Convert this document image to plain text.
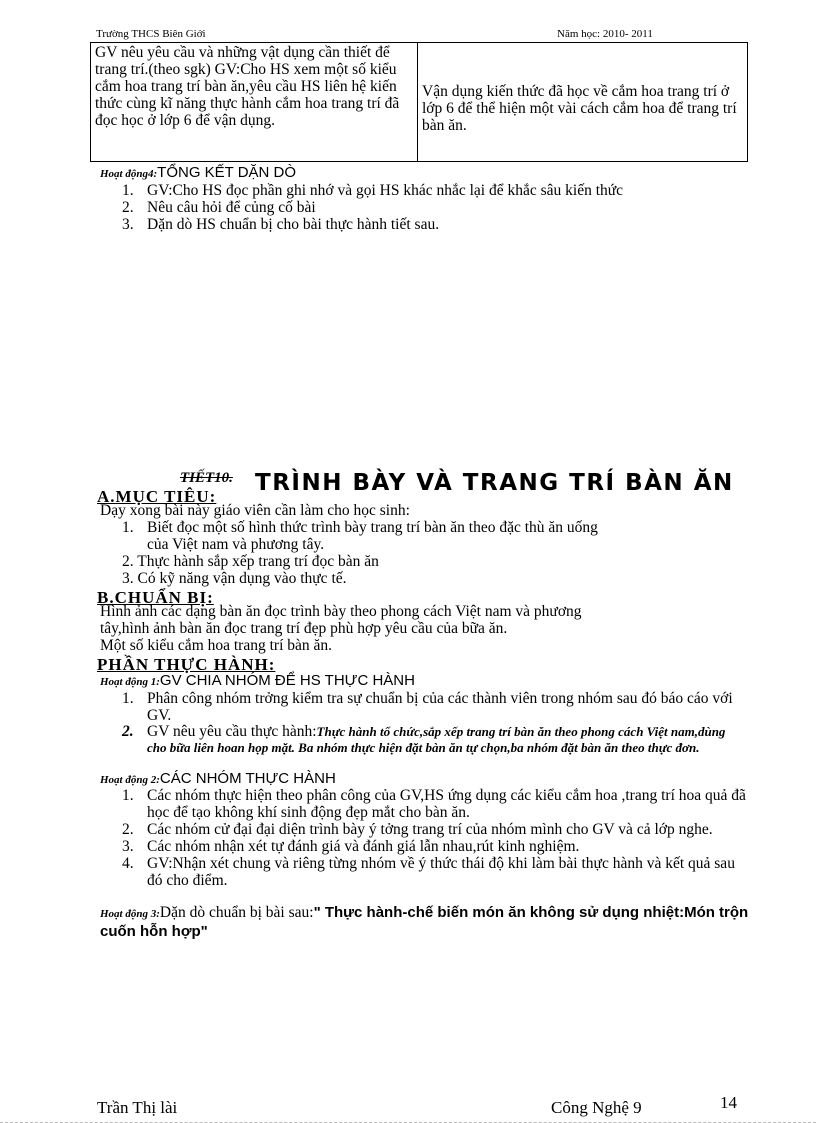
Trường THCS Biên Giới	Năm học: 2010- 2011
GV nêu yêu cầu và những vật dụng cần thiết để trang trí.(theo sgk) GV:Cho HS xem một số kiểu cắm hoa trang trí bàn ăn,yêu cầu HS liên hệ kiến thức cùng kĩ năng thực hành cắm hoa trang trí đã đọc học ở lớp 6 để vận dụng.	Vận dụng kiến thức đã học về cắm hoa trang trí ở lớp 6 để thể hiện một vài cách cắm hoa để trang trí bàn ăn.
Hoạt động4:TỔNG KẾT DẶN DÒ
1. GV:Cho HS đọc phần ghi nhớ và gọi HS khác nhắc lại để khắc sâu kiến thức
2. Nêu câu hỏi để củng cố bài
3. Dặn dò HS chuẩn bị cho bài thực hành tiết sau.
TIẾT10. TRÌNH BÀY VÀ TRANG TRÍ BÀN ĂN
A.MỤC TIÊU:
Dạy xong bài này giáo viên cần làm cho học sinh:
1. Biết đọc một số hình thức trình bày trang trí bàn ăn theo đặc thù ăn uống
của Việt nam và phương tây.
2. Thực hành sắp xếp trang trí đọc bàn ăn
3. Có kỹ năng vận dụng vào thực tế.
B.CHUẨN BỊ:
Hình ảnh các dạng bàn ăn đọc trình bày theo phong cách Việt nam và phương
tây,hình ảnh bàn ăn đọc trang trí đẹp phù hợp yêu cầu của bữa ăn.
Một số kiểu cắm hoa trang trí bàn ăn.
PHẦN THỰC HÀNH:
Hoạt động 1:GV CHIA NHÓM ĐỂ HS THỰC HÀNH
1. Phân công nhóm trởng kiểm tra sự chuẩn bị của các thành viên trong nhóm sau đó báo cáo với GV.
2. GV nêu yêu cầu thực hành:Thực hành tổ chức,sắp xếp trang trí bàn ăn theo phong cách Việt nam,dùng cho bữa liên hoan họp mặt. Ba nhóm thực hiện đặt bàn ăn tự chọn,ba nhóm đặt bàn ăn theo thực đơn.
Hoạt động 2:CÁC NHÓM THỰC HÀNH
1. Các nhóm thực hiện theo phân công của GV,HS ứng dụng các kiểu cắm hoa ,trang trí hoa quả đã học để tạo không khí sinh động đẹp mắt cho bàn ăn.
2. Các nhóm cử đại đại diện trình bày ý tởng trang trí của nhóm mình cho GV và cả lớp nghe.
3. Các nhóm nhận xét tự đánh giá và đánh giá lẫn nhau,rút kinh nghiệm.
4. GV:Nhận xét chung và riêng từng nhóm về ý thức thái độ khi làm bài thực hành và kết quả sau đó cho điểm.
Hoạt động 3:Dặn dò chuẩn bị bài sau:" Thực hành-chế biến món ăn không sử dụng nhiệt:Món trộn cuốn hỗn hợp"
Trần Thị lài	Công Nghệ 9	14
